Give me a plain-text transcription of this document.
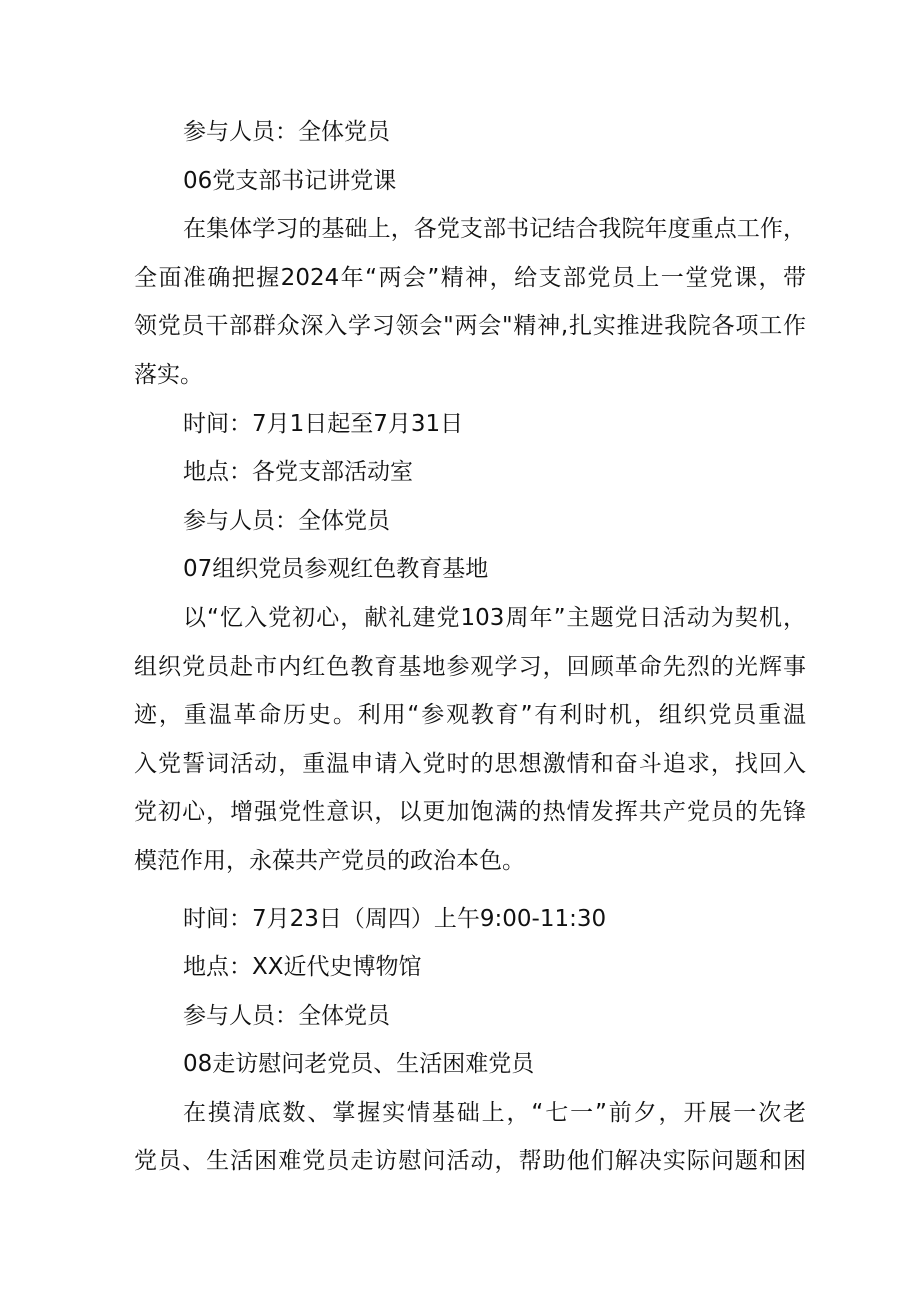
参与人员：全体党员

06党支部书记讲党课

在集体学习的基础上，各党支部书记结合我院年度重点工作，

全面准确把握2024年“两会”精神，给支部党员上一堂党课，带

领党员干部群众深入学习领会"两会"精神,扎实推进我院各项工作

落实。

时间：7月1日起至7月31日

地点：各党支部活动室

参与人员：全体党员

07组织党员参观红色教育基地

以“忆入党初心，献礼建党103周年”主题党日活动为契机，

组织党员赴市内红色教育基地参观学习，回顾革命先烈的光辉事

迹，重温革命历史。利用“参观教育”有利时机，组织党员重温

入党誓词活动，重温申请入党时的思想激情和奋斗追求，找回入

党初心，增强党性意识，以更加饱满的热情发挥共产党员的先锋

模范作用，永葆共产党员的政治本色。

时间：7月23日（周四）上午9:00-11:30

地点：XX近代史博物馆

参与人员：全体党员

08走访慰问老党员、生活困难党员

在摸清底数、掌握实情基础上，“七一”前夕，开展一次老

党员、生活困难党员走访慰问活动，帮助他们解决实际问题和困
